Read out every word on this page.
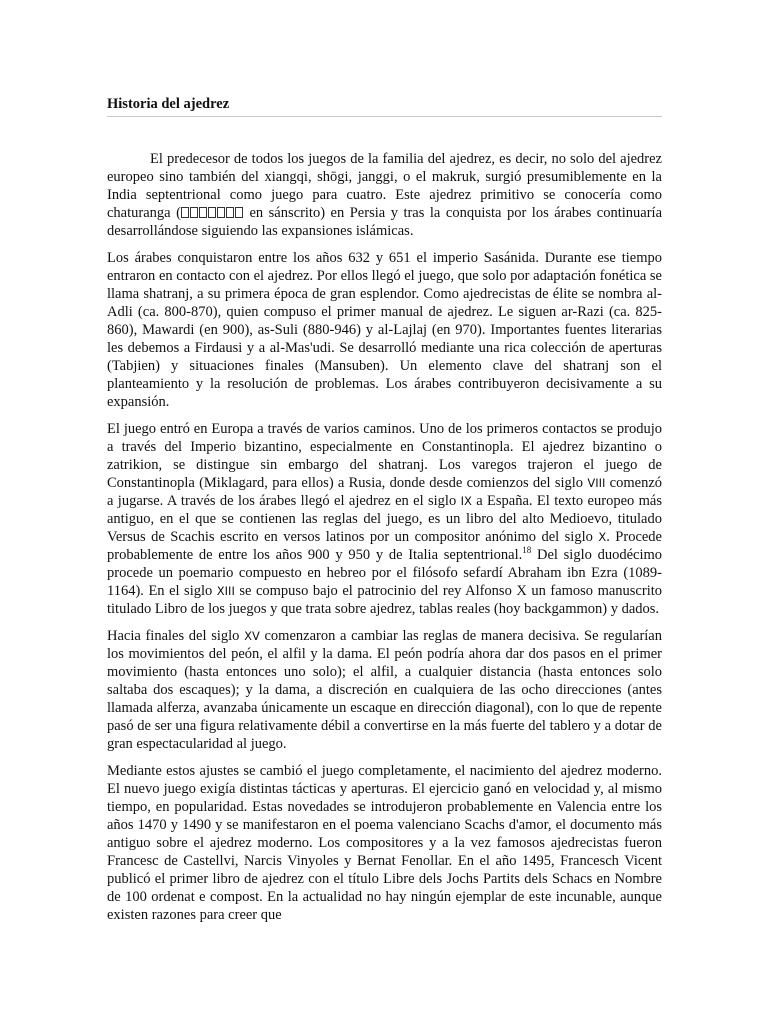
Historia del ajedrez

El predecesor de todos los juegos de la familia del ajedrez, es decir, no solo del ajedrez europeo sino también del xiangqi, shōgi, janggi, o el makruk, surgió presumiblemente en la India septentrional como juego para cuatro. Este ajedrez primitivo se conocería como chaturanga (	en sánscrito) en Persia y tras la conquista por los árabes continuaría desarrollándose siguiendo las expansiones islámicas.

Los árabes conquistaron entre los años 632 y 651 el imperio Sasánida. Durante ese tiempo entraron en contacto con el ajedrez. Por ellos llegó el juego, que solo por adaptación fonética se llama shatranj, a su primera época de gran esplendor. Como ajedrecistas de élite se nombra al-Adli (ca. 800-870), quien compuso el primer manual de ajedrez. Le siguen ar-Razi (ca. 825-860), Mawardi (en 900), as-Suli (880-946) y al-Lajlaj (en 970). Importantes fuentes literarias les debemos a Firdausi y a al-Mas'udi. Se desarrolló mediante una rica colección de aperturas (Tabjien) y situaciones finales (Mansuben). Un elemento clave del shatranj son el planteamiento y la resolución de problemas. Los árabes contribuyeron decisivamente a su expansión.

El juego entró en Europa a través de varios caminos. Uno de los primeros contactos se produjo a través del Imperio bizantino, especialmente en Constantinopla. El ajedrez bizantino o zatrikion, se distingue sin embargo del shatranj. Los varegos trajeron el juego de Constantinopla (Miklagard, para ellos) a Rusia, donde desde comienzos del siglo VIII comenzó a jugarse. A través de los árabes llegó el ajedrez en el siglo IX a España. El texto europeo más antiguo, en el que se contienen las reglas del juego, es un libro del alto Medioevo, titulado Versus de Scachis escrito en versos latinos por un compositor anónimo del siglo X. Procede probablemente de entre los años 900 y 950 y de Italia septentrional.$^{18}$ Del siglo duodécimo procede un poemario compuesto en hebreo por el filósofo sefardí Abraham ibn Ezra (1089-1164). En el siglo XIII se compuso bajo el patrocinio del rey Alfonso X un famoso manuscrito titulado Libro de los juegos y que trata sobre ajedrez, tablas reales (hoy backgammon) y dados.

Hacia finales del siglo XV comenzaron a cambiar las reglas de manera decisiva. Se regularían los movimientos del peón, el alfil y la dama. El peón podría ahora dar dos pasos en el primer movimiento (hasta entonces uno solo); el alfil, a cualquier distancia (hasta entonces solo saltaba dos escaques); y la dama, a discreción en cualquiera de las ocho direcciones (antes llamada alferza, avanzaba únicamente un escaque en dirección diagonal), con lo que de repente pasó de ser una figura relativamente débil a convertirse en la más fuerte del tablero y a dotar de gran espectacularidad al juego.

Mediante estos ajustes se cambió el juego completamente, el nacimiento del ajedrez moderno. El nuevo juego exigía distintas tácticas y aperturas. El ejercicio ganó en velocidad y, al mismo tiempo, en popularidad. Estas novedades se introdujeron probablemente en Valencia entre los años 1470 y 1490 y se manifestaron en el poema valenciano Scachs d'amor, el documento más antiguo sobre el ajedrez moderno. Los compositores y a la vez famosos ajedrecistas fueron Francesc de Castellvi, Narcis Vinyoles y Bernat Fenollar. En el año 1495, Francesch Vicent publicó el primer libro de ajedrez con el título Libre dels Jochs Partits dels Schacs en Nombre de 100 ordenat e compost. En la actualidad no hay ningún ejemplar de este incunable, aunque existen razones para creer que
